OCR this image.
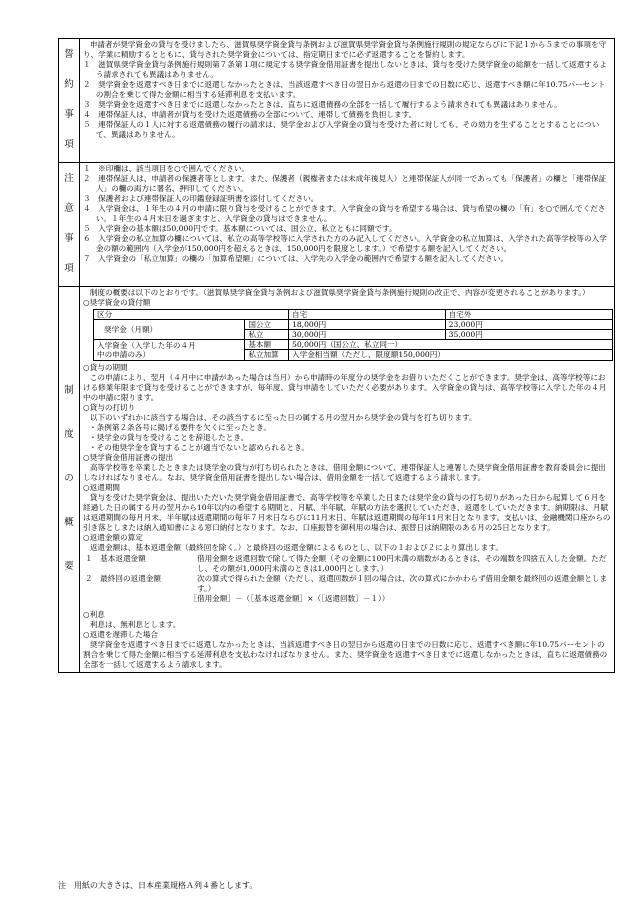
誓
約
事
項

申請者が奨学資金の貸与を受けましたら、滋賀県奨学資金貸与条例および滋賀県奨学資金貸与条例施行規則の規定ならびに下記１から５までの事項を守り、学業に精励するとともに、貸与された奨学資金については、指定期日までに必ず返還することを誓約します。

１　滋賀県奨学資金貸与条例施行規則第７条第１項に規定する奨学資金借用証書を提出しないときは、貸与を受けた奨学資金の総額を一括して返還するよう請求されても異議はありません。

２　奨学資金を返還すべき日までに返還しなかったときは、当該返還すべき日の翌日から返還の日までの日数に応じ、返還すべき額に年10.75パーセントの割合を乗じて得た金額に相当する延滞利息を支払います。

３　奨学資金を返還すべき日までに返還しなかったときは、直ちに返還債務の全部を一括して履行するよう請求されても異議はありません。

４　連帯保証人は、申請者が貸与を受けた返還債務の全部について、連帯して債務を負担します。

５　連帯保証人の１人に対する返還債務の履行の請求は、奨学金および入学資金の貸与を受けた者に対しても、その効力を生ずることとすることについて、異議はありません。

注
意
事
項

１　※印欄は、該当項目を○で囲んでください。

２　連帯保証人は、申請者の保護者等とします。また、保護者（親権者または未成年後見人）と連帯保証人が同一であっても「保護者」の欄と「連帯保証人」の欄の両方に署名、押印してください。

３　保護者および連帯保証人の印鑑登録証明書を添付してください。

４　入学資金は、１年生の４月の申請に限り貸与を受けることができます。入学資金の貸与を希望する場合は、貸与希望の欄の「有」を○で囲んでください。１年生の４月末日を過ぎますと、入学資金の貸与はできません。

５　入学資金の基本額は50,000円です。基本額については、国公立、私立ともに同額です。

６　入学資金の私立加算の欄については、私立の高等学校等に入学された方のみ記入してください。入学資金の私立加算は、入学された高等学校等の入学金の額の範囲内（入学金が150,000円を超えるときは、150,000円を限度とします。）で希望する額を記入してください。

７　入学資金の「私立加算」の欄の「加算希望額」については、入学先の入学金の範囲内で希望する額を記入してください。

制
度
の
概
要

制度の概要は以下のとおりです。（滋賀県奨学資金貸与条例および滋賀県奨学資金貸与条例施行規則の改正で、内容が変更されることがあります。）

○奨学資金の貸付額

区分	自宅	自宅外
奨学金（月額）	国公立	18,000円	23,000円
私立	30,000円	35,000円
入学資金（入学した年の４月
中の申請のみ）	基本額	50,000円（国公立、私立同一）
私立加算	入学金相当額（ただし、限度額150,000円）

○貸与の期間

この申請により、翌月（４月中に申請があった場合は当月）から申請時の年度分の奨学金をお借りいただくことができます。奨学金は、高等学校等における修業年限まで貸与を受けることができますが、毎年度、貸与申請をしていただく必要があります。入学資金の貸与は、高等学校等に入学した年の４月中の申請に限ります。

○貸与の打切り

以下のいずれかに該当する場合は、その該当するに至った日の属する月の翌月から奨学金の貸与を打ち切ります。

・条例第２条各号に掲げる要件を欠くに至ったとき。

・奨学金の貸与を受けることを辞退したとき。

・その他奨学金を貸与することが適当でないと認められるとき。

○奨学資金借用証書の提出

高等学校等を卒業したときまたは奨学金の貸与が打ち切られたときは、借用金額について、連帯保証人と連署した奨学資金借用証書を教育委員会に提出しなければなりません。なお、奨学資金借用証書を提出しない場合は、借用金額を一括して返還するよう請求します。

○返還期間

貸与を受けた奨学資金は、提出いただいた奨学資金借用証書で、高等学校等を卒業した日または奨学金の貸与の打ち切りがあった日から起算して６月を経過した日の属する月の翌月から10年以内の希望する期間と、月賦、半年賦、年賦の方法を選択していただき、返還をしていただきます。納期限は、月賦は返還期間の毎月月末、半年賦は返還期間の毎年７月末日ならびに11月末日、年賦は返還期間の毎年11月末日となります。支払いは、金融機関口座からの引き落としまたは納入通知書による窓口納付となります。なお、口座振替を御利用の場合は、振替日は納期限のある月の25日となります。

○返還金額の算定

返還金額は、基本返還金額（最終回を除く。）と最終回の返還金額によるものとし、以下の１および２により算出します。

１　基本返還金額	借用金額を返還回数で除して得た金額（その金額に100円未満の端数があるときは、その端数を四捨五入した金額。ただし、その額が1,000円未満のときは1,000円とします。）
２　最終回の返還金額	次の算式で得られた金額（ただし、返還回数が１回の場合は、次の算式にかかわらず借用金額を最終回の返還金額とします。）

［借用金額］－（［基本返還金額］×（［返還回数］－１））

○利息

利息は、無利息とします。

○返還を遅滞した場合

奨学資金を返還すべき日までに返還しなかったときは、当該返還すべき日の翌日から返還の日までの日数に応じ、返還すべき額に年10.75パーセントの割合を乗じて得た金額に相当する延滞利息を支払わなければなりません。また、奨学資金を返還すべき日までに返還しなかったときは、直ちに返還債務の全部を一括して返還するよう請求します。

注　用紙の大きさは、日本産業規格Ａ列４番とします。
